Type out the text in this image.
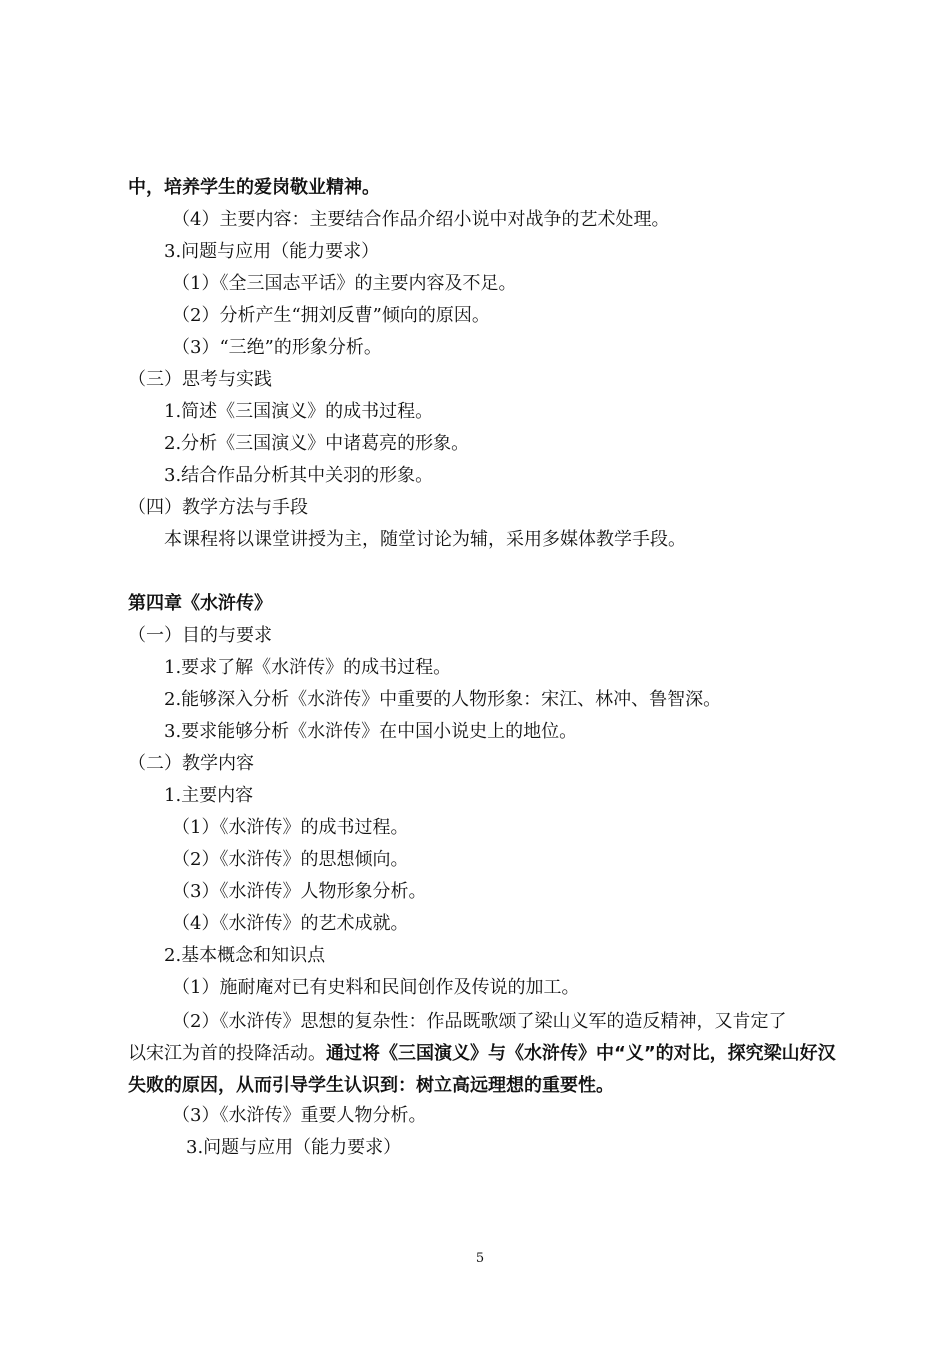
中，培养学生的爱岗敬业精神。
（4）主要内容：主要结合作品介绍小说中对战争的艺术处理。
3.问题与应用（能力要求）
（1）《全三国志平话》的主要内容及不足。
（2）分析产生“拥刘反曹”倾向的原因。
（3）“三绝”的形象分析。
（三）思考与实践
1.简述《三国演义》的成书过程。
2.分析《三国演义》中诸葛亮的形象。
3.结合作品分析其中关羽的形象。
（四）教学方法与手段
本课程将以课堂讲授为主，随堂讨论为辅，采用多媒体教学手段。
第四章《水浒传》
（一）目的与要求
1.要求了解《水浒传》的成书过程。
2.能够深入分析《水浒传》中重要的人物形象：宋江、林冲、鲁智深。
3.要求能够分析《水浒传》在中国小说史上的地位。
（二）教学内容
1.主要内容
（1）《水浒传》的成书过程。
（2）《水浒传》的思想倾向。
（3）《水浒传》人物形象分析。
（4）《水浒传》的艺术成就。
2.基本概念和知识点
（1）施耐庵对已有史料和民间创作及传说的加工。
（2）《水浒传》思想的复杂性：作品既歌颂了梁山义军的造反精神，又肯定了
以宋江为首的投降活动。通过将《三国演义》与《水浒传》中“义”的对比，探究梁山好汉失败的原因，从而引导学生认识到：树立高远理想的重要性。
（3）《水浒传》重要人物分析。
3.问题与应用（能力要求）
5
